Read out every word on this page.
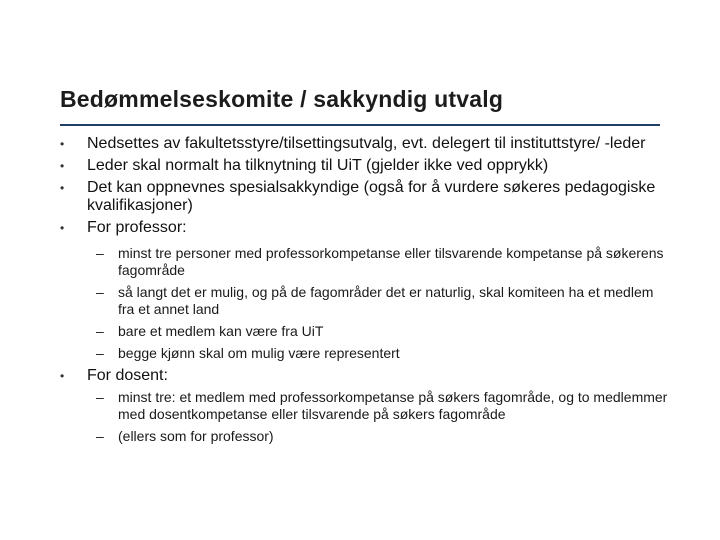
Bedømmelseskomite / sakkyndig utvalg
•	Nedsettes av fakultetsstyre/tilsettingsutvalg, evt. delegert til instituttstyre/ -leder
•	Leder skal normalt ha tilknytning til UiT (gjelder ikke ved opprykk)
•	Det kan oppnevnes spesialsakkyndige (også for å vurdere søkeres pedagogiske kvalifikasjoner)
•	For professor:
– minst tre personer med professorkompetanse eller tilsvarende kompetanse på søkerens fagområde
– så langt det er mulig, og på de fagområder det er naturlig, skal komiteen ha et medlem fra et annet land
– bare et medlem kan være fra UiT
– begge kjønn skal om mulig være representert
•	For dosent:
– minst tre: et medlem med professorkompetanse på søkers fagområde, og to medlemmer med dosentkompetanse eller tilsvarende på søkers fagområde
– (ellers som for professor)
